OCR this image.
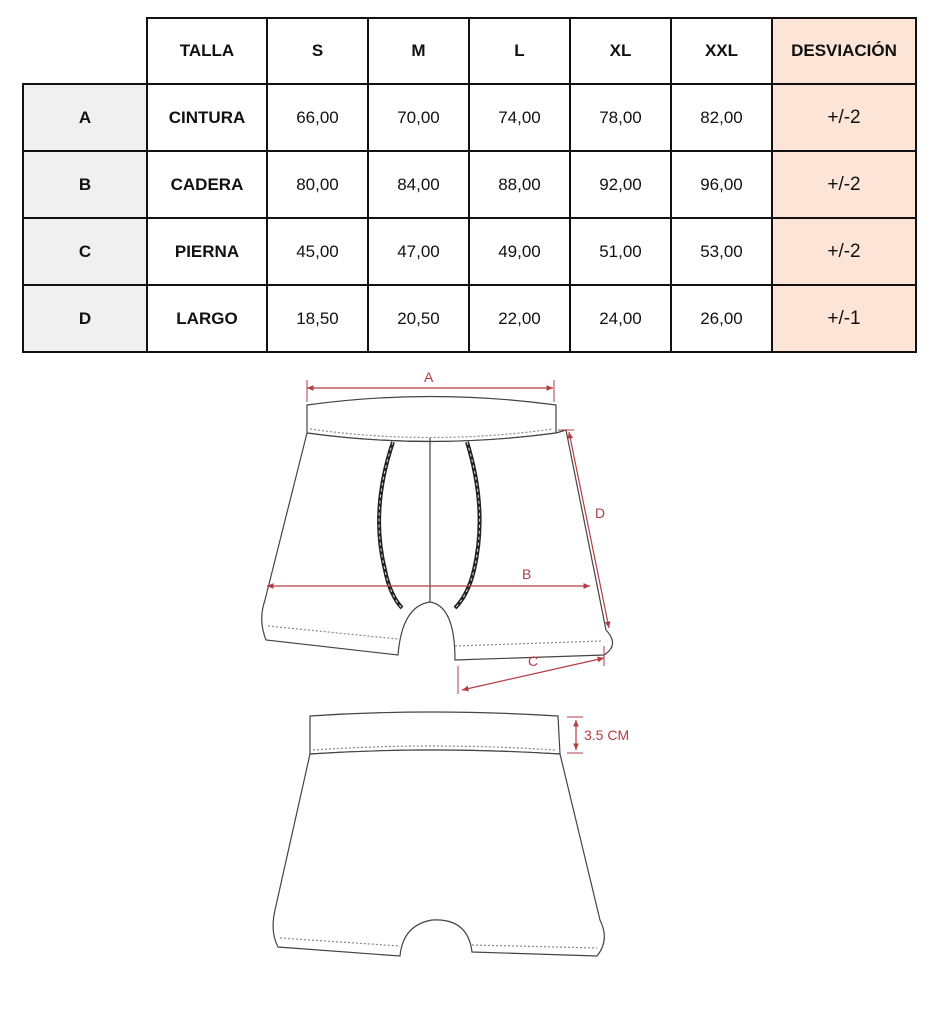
	TALLA	S	M	L	XL	XXL	DESVIACIÓN
A	CINTURA	66,00	70,00	74,00	78,00	82,00	+/-2
B	CADERA	80,00	84,00	88,00	92,00	96,00	+/-2
C	PIERNA	45,00	47,00	49,00	51,00	53,00	+/-2
D	LARGO	18,50	20,50	22,00	24,00	26,00	+/-1
A
B
C
D
3.5 CM
